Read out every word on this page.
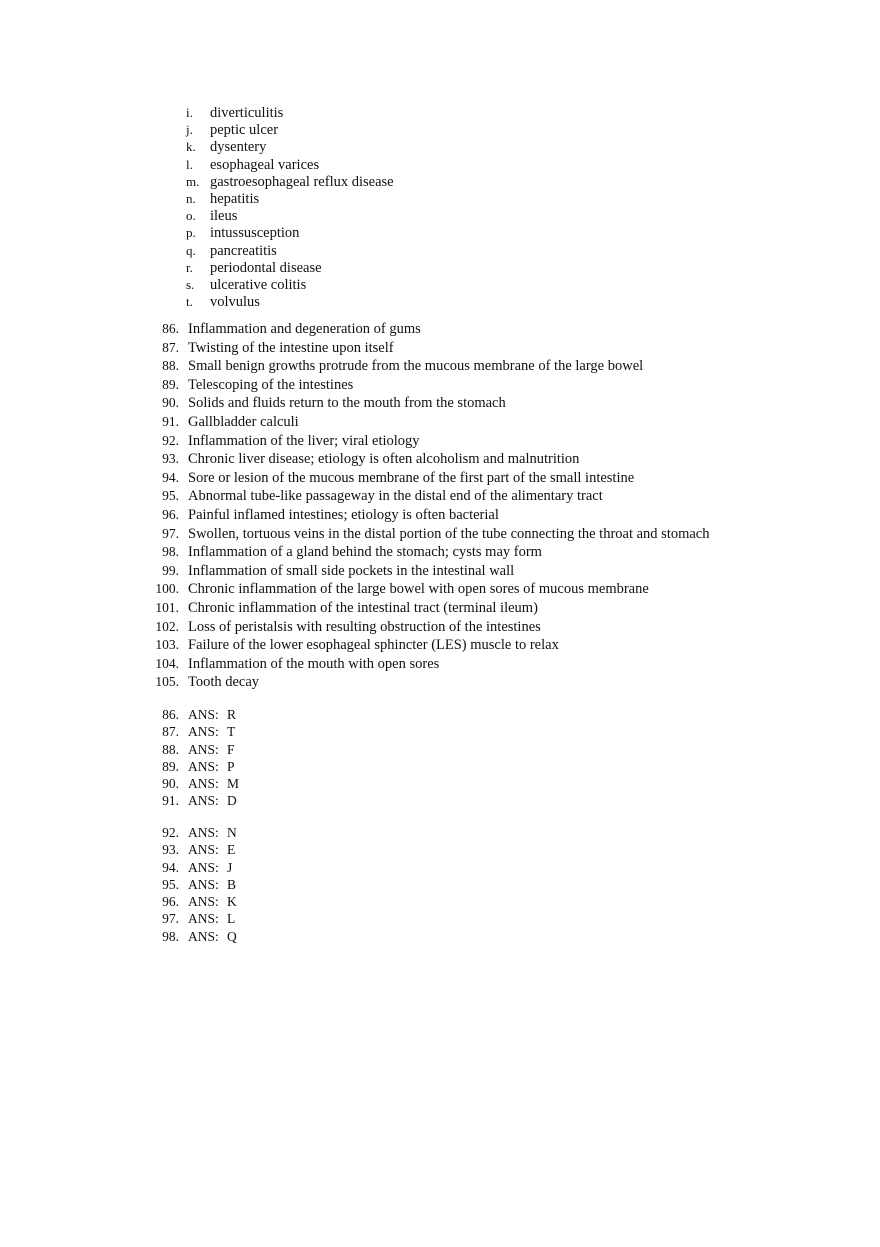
i. diverticulitis
j. peptic ulcer
k. dysentery
l. esophageal varices
m. gastroesophageal reflux disease
n. hepatitis
o. ileus
p. intussusception
q. pancreatitis
r. periodontal disease
s. ulcerative colitis
t. volvulus
86. Inflammation and degeneration of gums
87. Twisting of the intestine upon itself
88. Small benign growths protrude from the mucous membrane of the large bowel
89. Telescoping of the intestines
90. Solids and fluids return to the mouth from the stomach
91. Gallbladder calculi
92. Inflammation of the liver; viral etiology
93. Chronic liver disease; etiology is often alcoholism and malnutrition
94. Sore or lesion of the mucous membrane of the first part of the small intestine
95. Abnormal tube-like passageway in the distal end of the alimentary tract
96. Painful inflamed intestines; etiology is often bacterial
97. Swollen, tortuous veins in the distal portion of the tube connecting the throat and stomach
98. Inflammation of a gland behind the stomach; cysts may form
99. Inflammation of small side pockets in the intestinal wall
100. Chronic inflammation of the large bowel with open sores of mucous membrane
101. Chronic inflammation of the intestinal tract (terminal ileum)
102. Loss of peristalsis with resulting obstruction of the intestines
103. Failure of the lower esophageal sphincter (LES) muscle to relax
104. Inflammation of the mouth with open sores
105. Tooth decay
86. ANS: R
87. ANS: T
88. ANS: F
89. ANS: P
90. ANS: M
91. ANS: D
92. ANS: N
93. ANS: E
94. ANS: J
95. ANS: B
96. ANS: K
97. ANS: L
98. ANS: Q
